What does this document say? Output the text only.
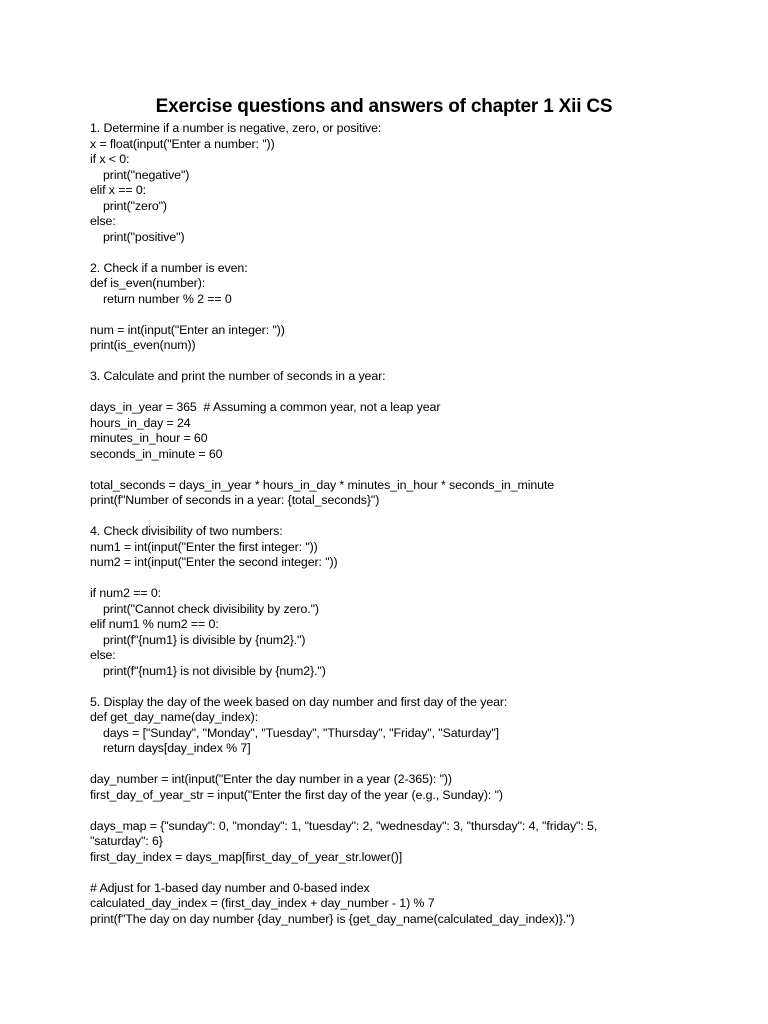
Exercise questions and answers of chapter 1 Xii CS
1. Determine if a number is negative, zero, or positive:
x = float(input("Enter a number: "))
if x < 0:
print("negative")
elif x == 0:
print("zero")
else:
print("positive")
2. Check if a number is even:
def is_even(number):
return number % 2 == 0
num = int(input("Enter an integer: "))
print(is_even(num))
3. Calculate and print the number of seconds in a year:
days_in_year = 365  # Assuming a common year, not a leap year
hours_in_day = 24
minutes_in_hour = 60
seconds_in_minute = 60
total_seconds = days_in_year * hours_in_day * minutes_in_hour * seconds_in_minute
print(f"Number of seconds in a year: {total_seconds}")
4. Check divisibility of two numbers:
num1 = int(input("Enter the first integer: "))
num2 = int(input("Enter the second integer: "))
if num2 == 0:
print("Cannot check divisibility by zero.")
elif num1 % num2 == 0:
print(f"{num1} is divisible by {num2}.")
else:
print(f"{num1} is not divisible by {num2}.")
5. Display the day of the week based on day number and first day of the year:
def get_day_name(day_index):
days = ["Sunday", "Monday", "Tuesday", "Thursday", "Friday", "Saturday"]
return days[day_index % 7]
day_number = int(input("Enter the day number in a year (2-365): "))
first_day_of_year_str = input("Enter the first day of the year (e.g., Sunday): ")
days_map = {"sunday": 0, "monday": 1, "tuesday": 2, "wednesday": 3, "thursday": 4, "friday": 5,
"saturday": 6}
first_day_index = days_map[first_day_of_year_str.lower()]
# Adjust for 1-based day number and 0-based index
calculated_day_index = (first_day_index + day_number - 1) % 7
print(f"The day on day number {day_number} is {get_day_name(calculated_day_index)}.")
